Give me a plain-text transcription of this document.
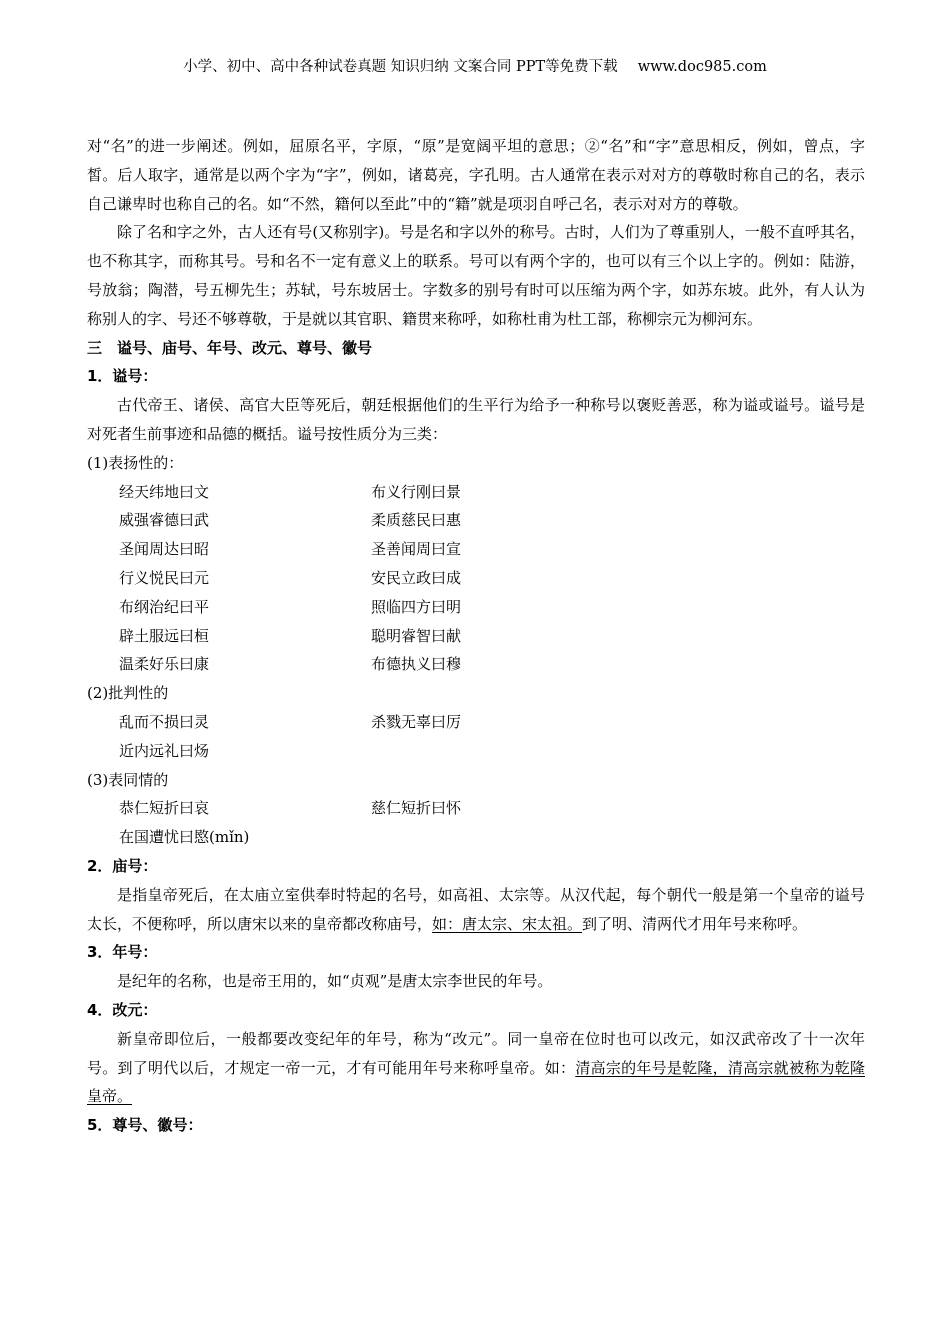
小学、初中、高中各种试卷真题 知识归纳 文案合同 PPT等免费下载 www.doc985.com

对“名”的进一步阐述。例如，屈原名平，字原，“原”是宽阔平坦的意思；②“名”和“字”意思相反，例如，曾点，字皙。后人取字，通常是以两个字为“字”，例如，诸葛亮，字孔明。古人通常在表示对对方的尊敬时称自己的名，表示自己谦卑时也称自己的名。如“不然，籍何以至此”中的“籍”就是项羽自呼己名，表示对对方的尊敬。

除了名和字之外，古人还有号(又称别字)。号是名和字以外的称号。古时，人们为了尊重别人，一般不直呼其名，也不称其字，而称其号。号和名不一定有意义上的联系。号可以有两个字的，也可以有三个以上字的。例如：陆游，号放翁；陶潜，号五柳先生；苏轼，号东坡居士。字数多的别号有时可以压缩为两个字，如苏东坡。此外，有人认为称别人的字、号还不够尊敬，于是就以其官职、籍贯来称呼，如称杜甫为杜工部，称柳宗元为柳河东。

三　谥号、庙号、年号、改元、尊号、徽号

1．谥号：

古代帝王、诸侯、高官大臣等死后，朝廷根据他们的生平行为给予一种称号以褒贬善恶，称为谥或谥号。谥号是对死者生前事迹和品德的概括。谥号按性质分为三类：

(1)表扬性的：

经天纬地曰文	布义行刚曰景
威强睿德曰武	柔质慈民曰惠
圣闻周达曰昭	圣善闻周曰宣
行义悦民曰元	安民立政曰成
布纲治纪曰平	照临四方曰明
辟土服远曰桓	聪明睿智曰献
温柔好乐曰康	布德执义曰穆

(2)批判性的

乱而不损曰灵	杀戮无辜曰厉
近内远礼曰炀

(3)表同情的

恭仁短折曰哀	慈仁短折曰怀
在国遭忧曰愍(mǐn)

2．庙号：

是指皇帝死后，在太庙立室供奉时特起的名号，如高祖、太宗等。从汉代起，每个朝代一般是第一个皇帝的谥号太长，不便称呼，所以唐宋以来的皇帝都改称庙号，如：唐太宗、宋太祖。到了明、清两代才用年号来称呼。

3．年号：

是纪年的名称，也是帝王用的，如“贞观”是唐太宗李世民的年号。

4．改元：

新皇帝即位后，一般都要改变纪年的年号，称为“改元”。同一皇帝在位时也可以改元，如汉武帝改了十一次年号。到了明代以后，才规定一帝一元，才有可能用年号来称呼皇帝。如：清高宗的年号是乾隆，清高宗就被称为乾隆皇帝。

5．尊号、徽号：
